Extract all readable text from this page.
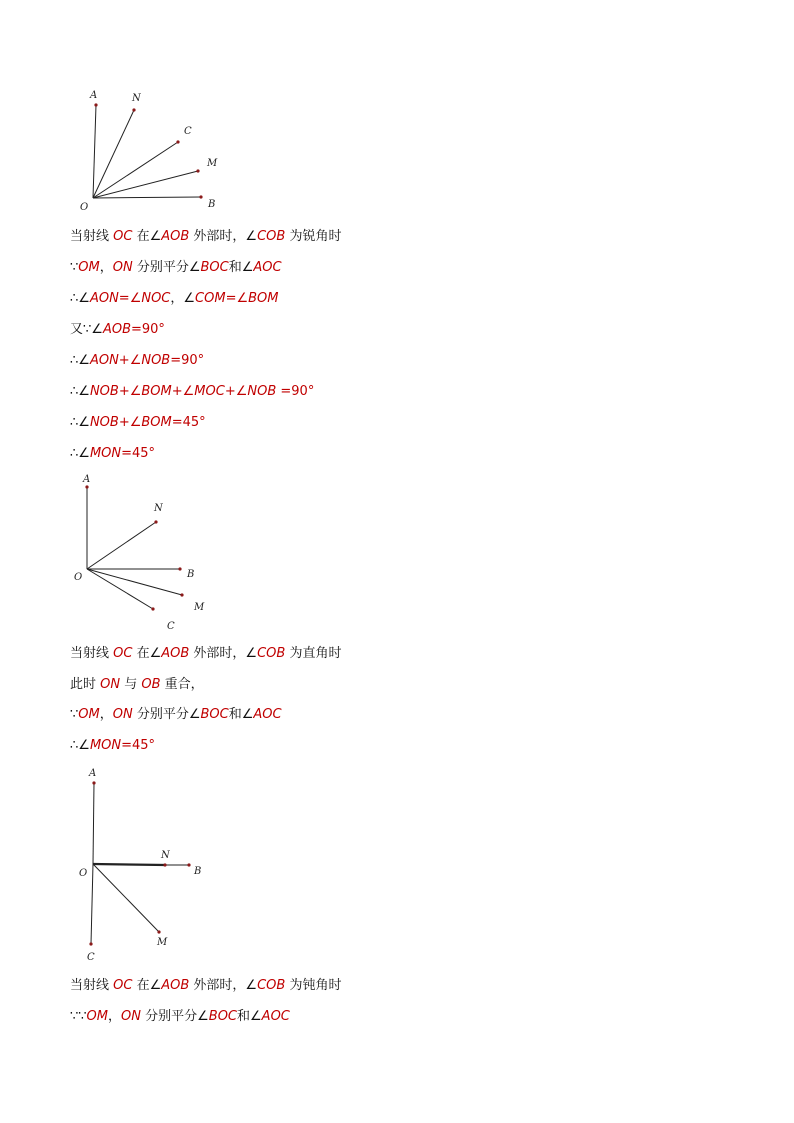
A	N
C
M
O	B
当射线 OC 在∠AOB 外部时，∠COB 为锐角时
∵OM，ON 分别平分∠BOC和∠AOC
∴∠AON=∠NOC，∠COM=∠BOM
又∵∠AOB=90°
∴∠AON+∠NOB=90°
∴∠NOB+∠BOM+∠MOC+∠NOB =90°
∴∠NOB+∠BOM=45°
∴∠MON=45°
A
N
B
M
O
C
当射线 OC 在∠AOB 外部时，∠COB 为直角时
此时 ON 与 OB 重合，
∵OM，ON 分别平分∠BOC和∠AOC
∴∠MON=45°
A
N
B
O
M
C
当射线 OC 在∠AOB 外部时，∠COB 为钝角时
∵∵OM，ON 分别平分∠BOC和∠AOC
